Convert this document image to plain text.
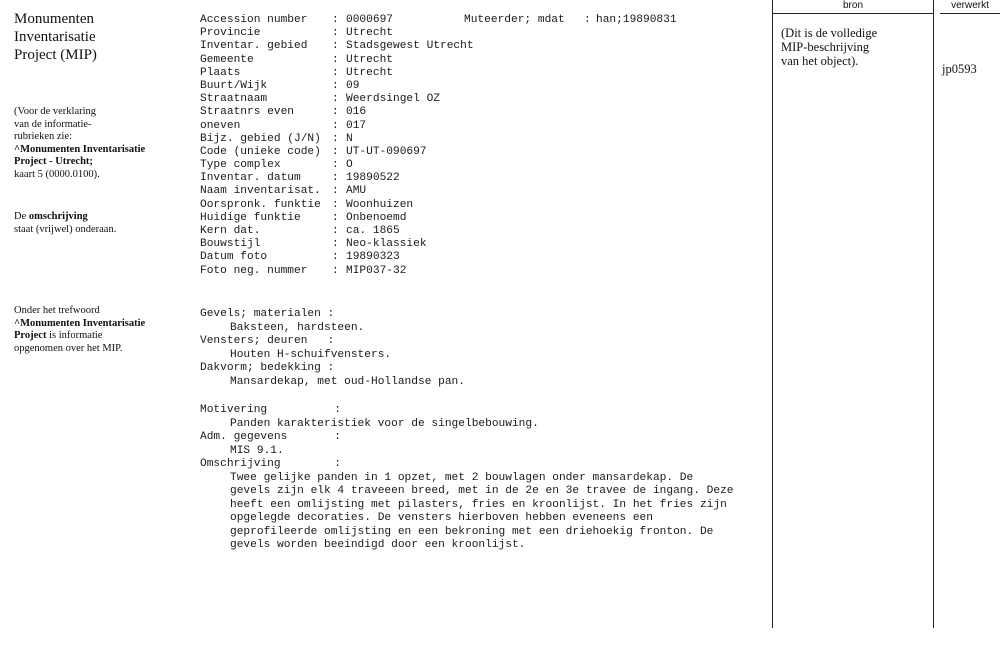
Monumenten
Inventarisatie
Project (MIP)
(Voor de verklaring
van de informatie-
rubrieken zie:
^Monumenten Inventarisatie
Project - Utrecht;
kaart 5 (0000.0100).
De omschrijving
staat (vrijwel) onderaan.
Onder het trefwoord
^Monumenten Inventarisatie
Project is informatie
opgenomen over het MIP.
Accession number : 0000697	Muteerder; mdat : han;19890831
Provincie	: Utrecht
Inventar. gebied : Stadsgewest Utrecht
Gemeente	: Utrecht
Plaats	: Utrecht
Buurt/Wijk	: 09
Straatnaam	: Weerdsingel OZ
Straatnrs even	: 016
oneven	: 017
Bijz. gebied (J/N) : N
Code (unieke code) : UT-UT-090697
Type complex	: O
Inventar. datum	: 19890522
Naam inventarisat. : AMU
Oorspronk. funktie : Woonhuizen
Huidige funktie	: Onbenoemd
Kern dat.	: ca. 1865
Bouwstijl	: Neo-klassiek
Datum foto	: 19890323
Foto neg. nummer : MIP037-32
Gevels; materialen :
Baksteen, hardsteen.
Vensters; deuren   :
Houten H-schuifvensters.
Dakvorm; bedekking :
Mansardekap, met oud-Hollandse pan.
Motivering          :
Panden karakteristiek voor de singelbebouwing.
Adm. gegevens       :
MIS 9.1.
Omschrijving        :
Twee gelijke panden in 1 opzet, met 2 bouwlagen onder mansardekap. De
gevels zijn elk 4 traveeen breed, met in de 2e en 3e travee de ingang. Deze
heeft een omlijsting met pilasters, fries en kroonlijst. In het fries zijn
opgelegde decoraties. De vensters hierboven hebben eveneens een
geprofileerde omlijsting en een bekroning met een driehoekig fronton. De
gevels worden beeindigd door een kroonlijst.
bron
(Dit is de volledige
MIP-beschrijving
van het object).
verwerkt
jp0593
